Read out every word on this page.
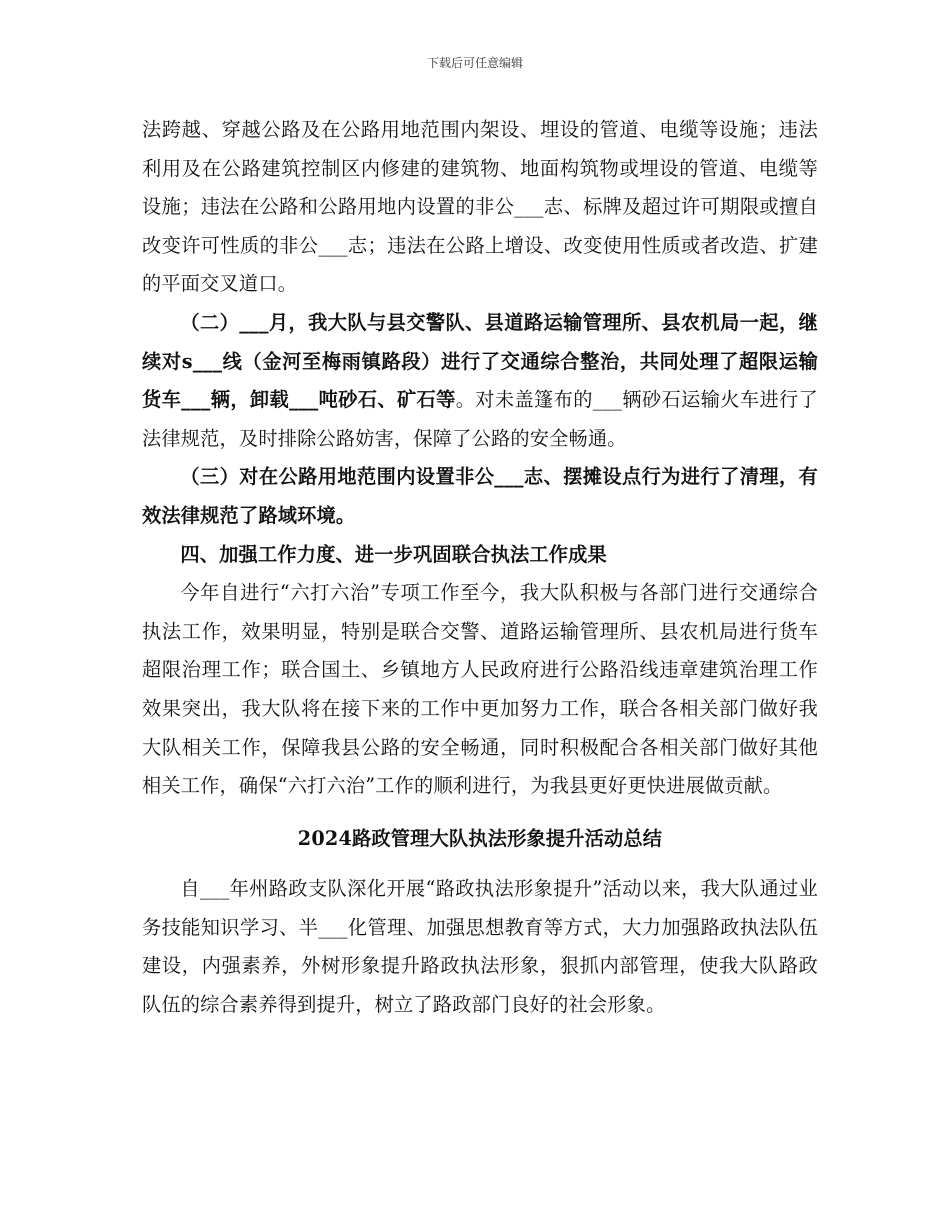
下载后可任意编辑

法跨越、穿越公路及在公路用地范围内架设、埋设的管道、电缆等设施；违法利用及在公路建筑控制区内修建的建筑物、地面构筑物或埋设的管道、电缆等设施；违法在公路和公路用地内设置的非公___志、标牌及超过许可期限或擅自改变许可性质的非公___志；违法在公路上增设、改变使用性质或者改造、扩建的平面交叉道口。

（二）___月，我大队与县交警队、县道路运输管理所、县农机局一起，继续对s___线（金河至梅雨镇路段）进行了交通综合整治，共同处理了超限运输货车___辆，卸载___吨砂石、矿石等。对未盖篷布的___辆砂石运输火车进行了法律规范，及时排除公路妨害，保障了公路的安全畅通。

（三）对在公路用地范围内设置非公___志、摆摊设点行为进行了清理，有效法律规范了路域环境。

四、加强工作力度、进一步巩固联合执法工作成果

今年自进行“六打六治”专项工作至今，我大队积极与各部门进行交通综合执法工作，效果明显，特别是联合交警、道路运输管理所、县农机局进行货车超限治理工作；联合国土、乡镇地方人民政府进行公路沿线违章建筑治理工作效果突出，我大队将在接下来的工作中更加努力工作，联合各相关部门做好我大队相关工作，保障我县公路的安全畅通，同时积极配合各相关部门做好其他相关工作，确保“六打六治”工作的顺利进行，为我县更好更快进展做贡献。

2024路政管理大队执法形象提升活动总结

自___年州路政支队深化开展“路政执法形象提升”活动以来，我大队通过业务技能知识学习、半___化管理、加强思想教育等方式，大力加强路政执法队伍建设，内强素养，外树形象提升路政执法形象，狠抓内部管理，使我大队路政队伍的综合素养得到提升，树立了路政部门良好的社会形象。
